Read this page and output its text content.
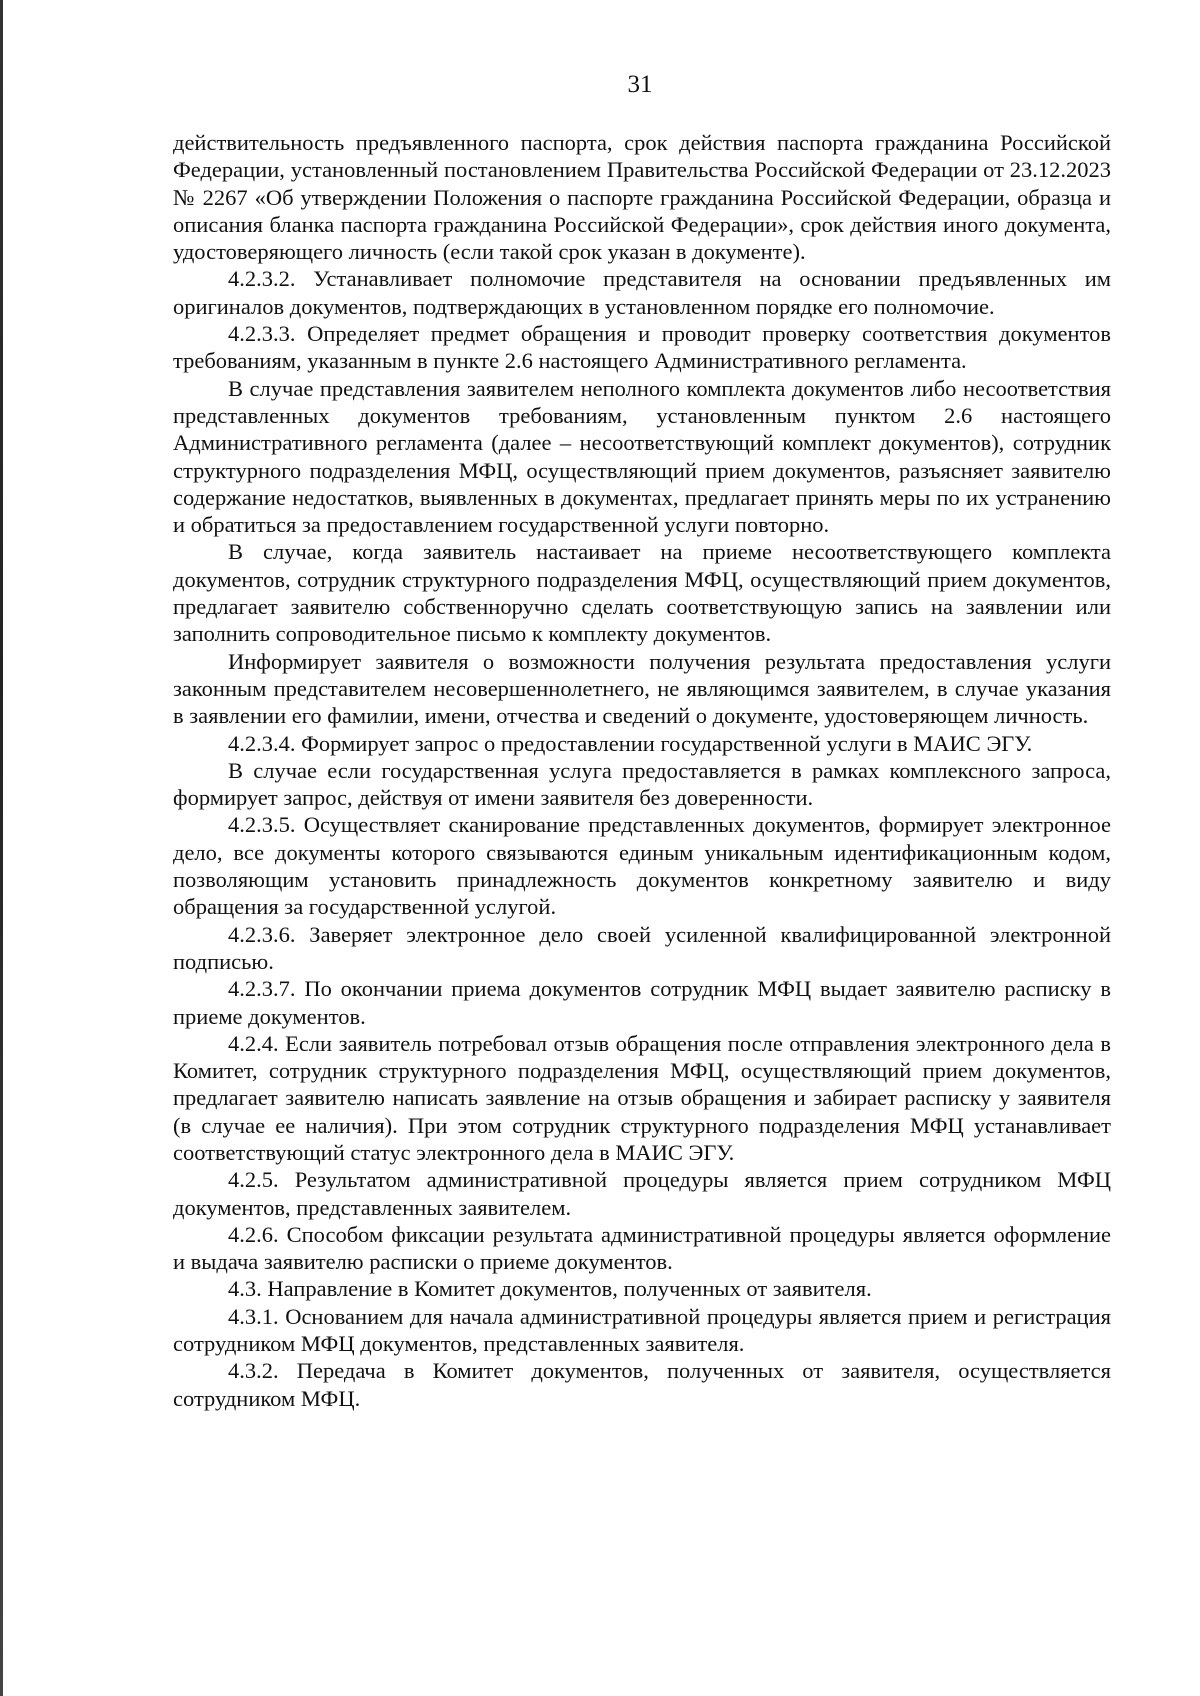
31

действительность предъявленного паспорта, срок действия паспорта гражданина Российской Федерации, установленный постановлением Правительства Российской Федерации от 23.12.2023 № 2267 «Об утверждении Положения о паспорте гражданина Российской Федерации, образца и описания бланка паспорта гражданина Российской Федерации», срок действия иного документа, удостоверяющего личность (если такой срок указан в документе).

4.2.3.2. Устанавливает полномочие представителя на основании предъявленных им оригиналов документов, подтверждающих в установленном порядке его полномочие.

4.2.3.3. Определяет предмет обращения и проводит проверку соответствия документов требованиям, указанным в пункте 2.6 настоящего Административного регламента.

В случае представления заявителем неполного комплекта документов либо несоответствия представленных документов требованиям, установленным пунктом 2.6 настоящего Административного регламента (далее – несоответствующий комплект документов), сотрудник структурного подразделения МФЦ, осуществляющий прием документов, разъясняет заявителю содержание недостатков, выявленных в документах, предлагает принять меры по их устранению и обратиться за предоставлением государственной услуги повторно.

В случае, когда заявитель настаивает на приеме несоответствующего комплекта документов, сотрудник структурного подразделения МФЦ, осуществляющий прием документов, предлагает заявителю собственноручно сделать соответствующую запись на заявлении или заполнить сопроводительное письмо к комплекту документов.

Информирует заявителя о возможности получения результата предоставления услуги законным представителем несовершеннолетнего, не являющимся заявителем, в случае указания в заявлении его фамилии, имени, отчества и сведений о документе, удостоверяющем личность.

4.2.3.4. Формирует запрос о предоставлении государственной услуги в МАИС ЭГУ.

В случае если государственная услуга предоставляется в рамках комплексного запроса, формирует запрос, действуя от имени заявителя без доверенности.

4.2.3.5. Осуществляет сканирование представленных документов, формирует электронное дело, все документы которого связываются единым уникальным идентификационным кодом, позволяющим установить принадлежность документов конкретному заявителю и виду обращения за государственной услугой.

4.2.3.6. Заверяет электронное дело своей усиленной квалифицированной электронной подписью.

4.2.3.7. По окончании приема документов сотрудник МФЦ выдает заявителю расписку в приеме документов.

4.2.4. Если заявитель потребовал отзыв обращения после отправления электронного дела в Комитет, сотрудник структурного подразделения МФЦ, осуществляющий прием документов, предлагает заявителю написать заявление на отзыв обращения и забирает расписку у заявителя (в случае ее наличия). При этом сотрудник структурного подразделения МФЦ устанавливает соответствующий статус электронного дела в МАИС ЭГУ.

4.2.5. Результатом административной процедуры является прием сотрудником МФЦ документов, представленных заявителем.

4.2.6. Способом фиксации результата административной процедуры является оформление и выдача заявителю расписки о приеме документов.

4.3. Направление в Комитет документов, полученных от заявителя.

4.3.1. Основанием для начала административной процедуры является прием и регистрация сотрудником МФЦ документов, представленных заявителя.

4.3.2. Передача в Комитет документов, полученных от заявителя, осуществляется сотрудником МФЦ.
